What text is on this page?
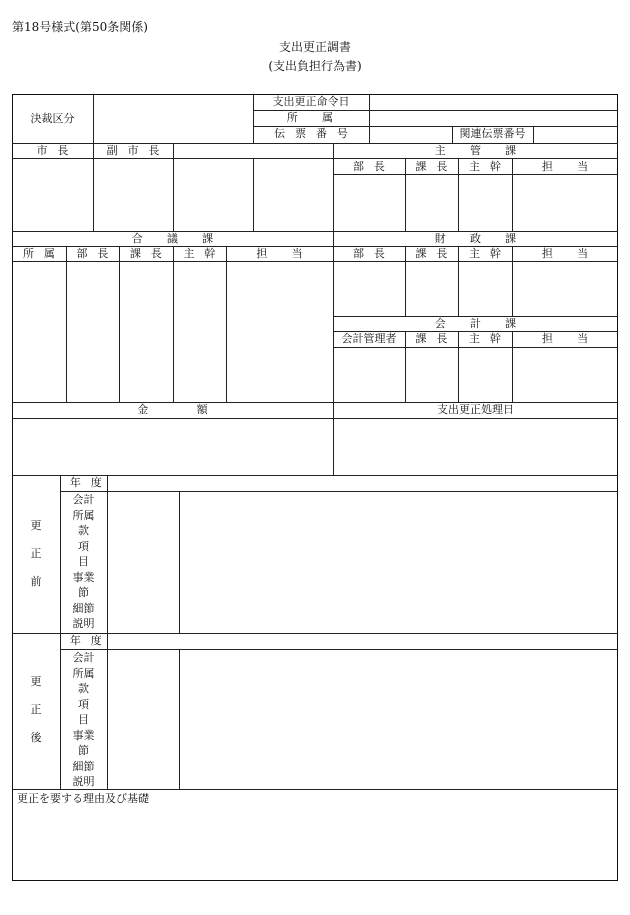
第18号様式(第50条関係)
支出更正調書
(支出負担行為書)
決裁区分
支出更正命令日
所属
伝票番号	関連伝票番号
市長	副市長	主管課
部長	課長	主幹	担当
合議課	財政課
所属	部長	課長	主幹	担当	部長	課長	主幹	担当
会計課
会計管理者	課長	主幹	担当
金額	支出更正処理日
更
正
前
年度
会計
所属
款
項
目
事業
節
細節
説明
更
正
後
年度
会計
所属
款
項
目
事業
節
細節
説明
更正を要する理由及び基礎
